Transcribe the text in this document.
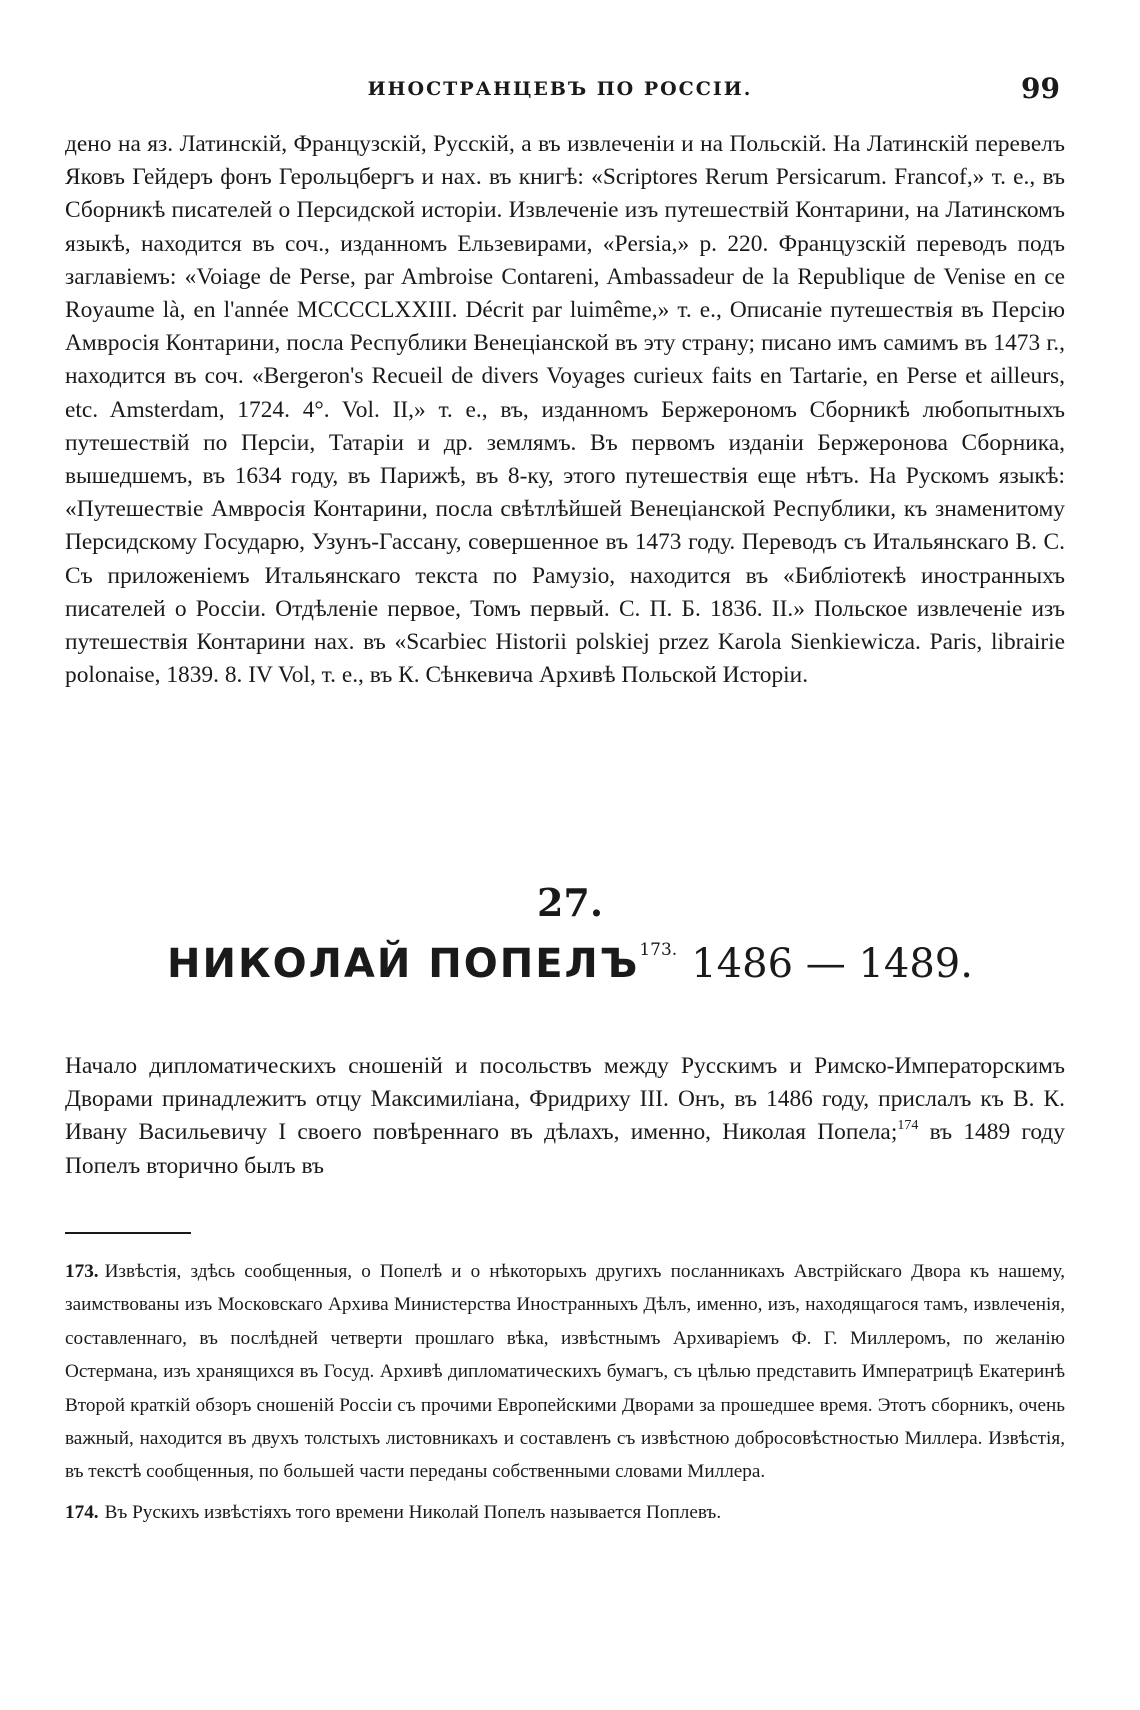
ИНОСТРАНЦЕВЪ ПО РОССІИ.	99

дено на яз. Латинскій, Французскій, Русскій, а въ извлеченіи и на Польскій. На Латинскій перевелъ Яковъ Гейдеръ фонъ Герольцбергъ и нах. въ книгѣ: «Scriptores Rerum Persicarum. Francof,» т. е., въ Сборникѣ писателей о Персидской исторіи. Извлеченіе изъ путешествій Контарини, на Латинскомъ языкѣ, находится въ соч., изданномъ Ельзевирами, «Persia,» p. 220. Французскій переводъ подъ заглавіемъ: «Voiage de Perse, par Ambroise Contareni, Ambassadeur de la Republique de Venise en ce Royaume là, en l'année MCCCCLXXIII. Décrit par luimême,» т. е., Описаніе путешествія въ Персію Амвросія Контарини, посла Республики Венеціанской въ эту страну; писано имъ самимъ въ 1473 г., находится въ соч. «Bergeron's Recueil de divers Voyages curieux faits en Tartarie, en Perse et ailleurs, etc. Amsterdam, 1724. 4°. Vol. II,» т. е., въ, изданномъ Бержерономъ Сборникѣ любопытныхъ путешествій по Персіи, Татаріи и др. землямъ. Въ первомъ изданіи Бержеронова Сборника, вышедшемъ, въ 1634 году, въ Парижѣ, въ 8-ку, этого путешествія еще нѣтъ. На Рускомъ языкѣ: «Путешествіе Амвросія Контарини, посла свѣтлѣйшей Венеціанской Республики, къ знаменитому Персидскому Государю, Узунъ-Гассану, совершенное въ 1473 году. Переводъ съ Итальянскаго В. С. Съ приложеніемъ Итальянскаго текста по Рамузіо, находится въ «Библіотекѣ иностранныхъ писателей о Россіи. Отдѣленіе первое, Томъ первый. С. П. Б. 1836. II.» Польское извлеченіе изъ путешествія Контарини нах. въ «Scarbiec Historii polskiej przez Karola Sienkiewicza. Paris, librairie polonaise, 1839. 8. IV Vol, т. е., въ К. Сѣнкевича Архивѣ Польской Исторіи.

27.
НИКОЛАЙ ПОПЕЛЪ173. 1486 — 1489.

Начало дипломатическихъ сношеній и посольствъ между Русскимъ и Римско-Императорскимъ Дворами принадлежитъ отцу Максимиліана, Фридриху III. Онъ, въ 1486 году, прислалъ къ В. К. Ивану Васильевичу I своего повѣреннаго въ дѣлахъ, именно, Николая Попела;$^{174}$ въ 1489 году Попелъ вторично былъ въ

173. Извѣстія, здѣсь сообщенныя, о Попелѣ и о нѣкоторыхъ другихъ посланникахъ Австрійскаго Двора къ нашему, заимствованы изъ Московскаго Архива Министерства Иностранныхъ Дѣлъ, именно, изъ, находящагося тамъ, извлеченія, составленнаго, въ послѣдней четверти прошлаго вѣка, извѣстнымъ Архиваріемъ Ф. Г. Миллеромъ, по желанію Остермана, изъ хранящихся въ Госуд. Архивѣ дипломатическихъ бумагъ, съ цѣлью представить Императрицѣ Екатеринѣ Второй краткій обзоръ сношеній Россіи съ прочими Европейскими Дворами за прошедшее время. Этотъ сборникъ, очень важный, находится въ двухъ толстыхъ листовникахъ и составленъ съ извѣстною добросовѣстностью Миллера. Извѣстія, въ текстѣ сообщенныя, по большей части переданы собственными словами Миллера.

174. Въ Рускихъ извѣстіяхъ того времени Николай Попелъ называется Поплевъ.
